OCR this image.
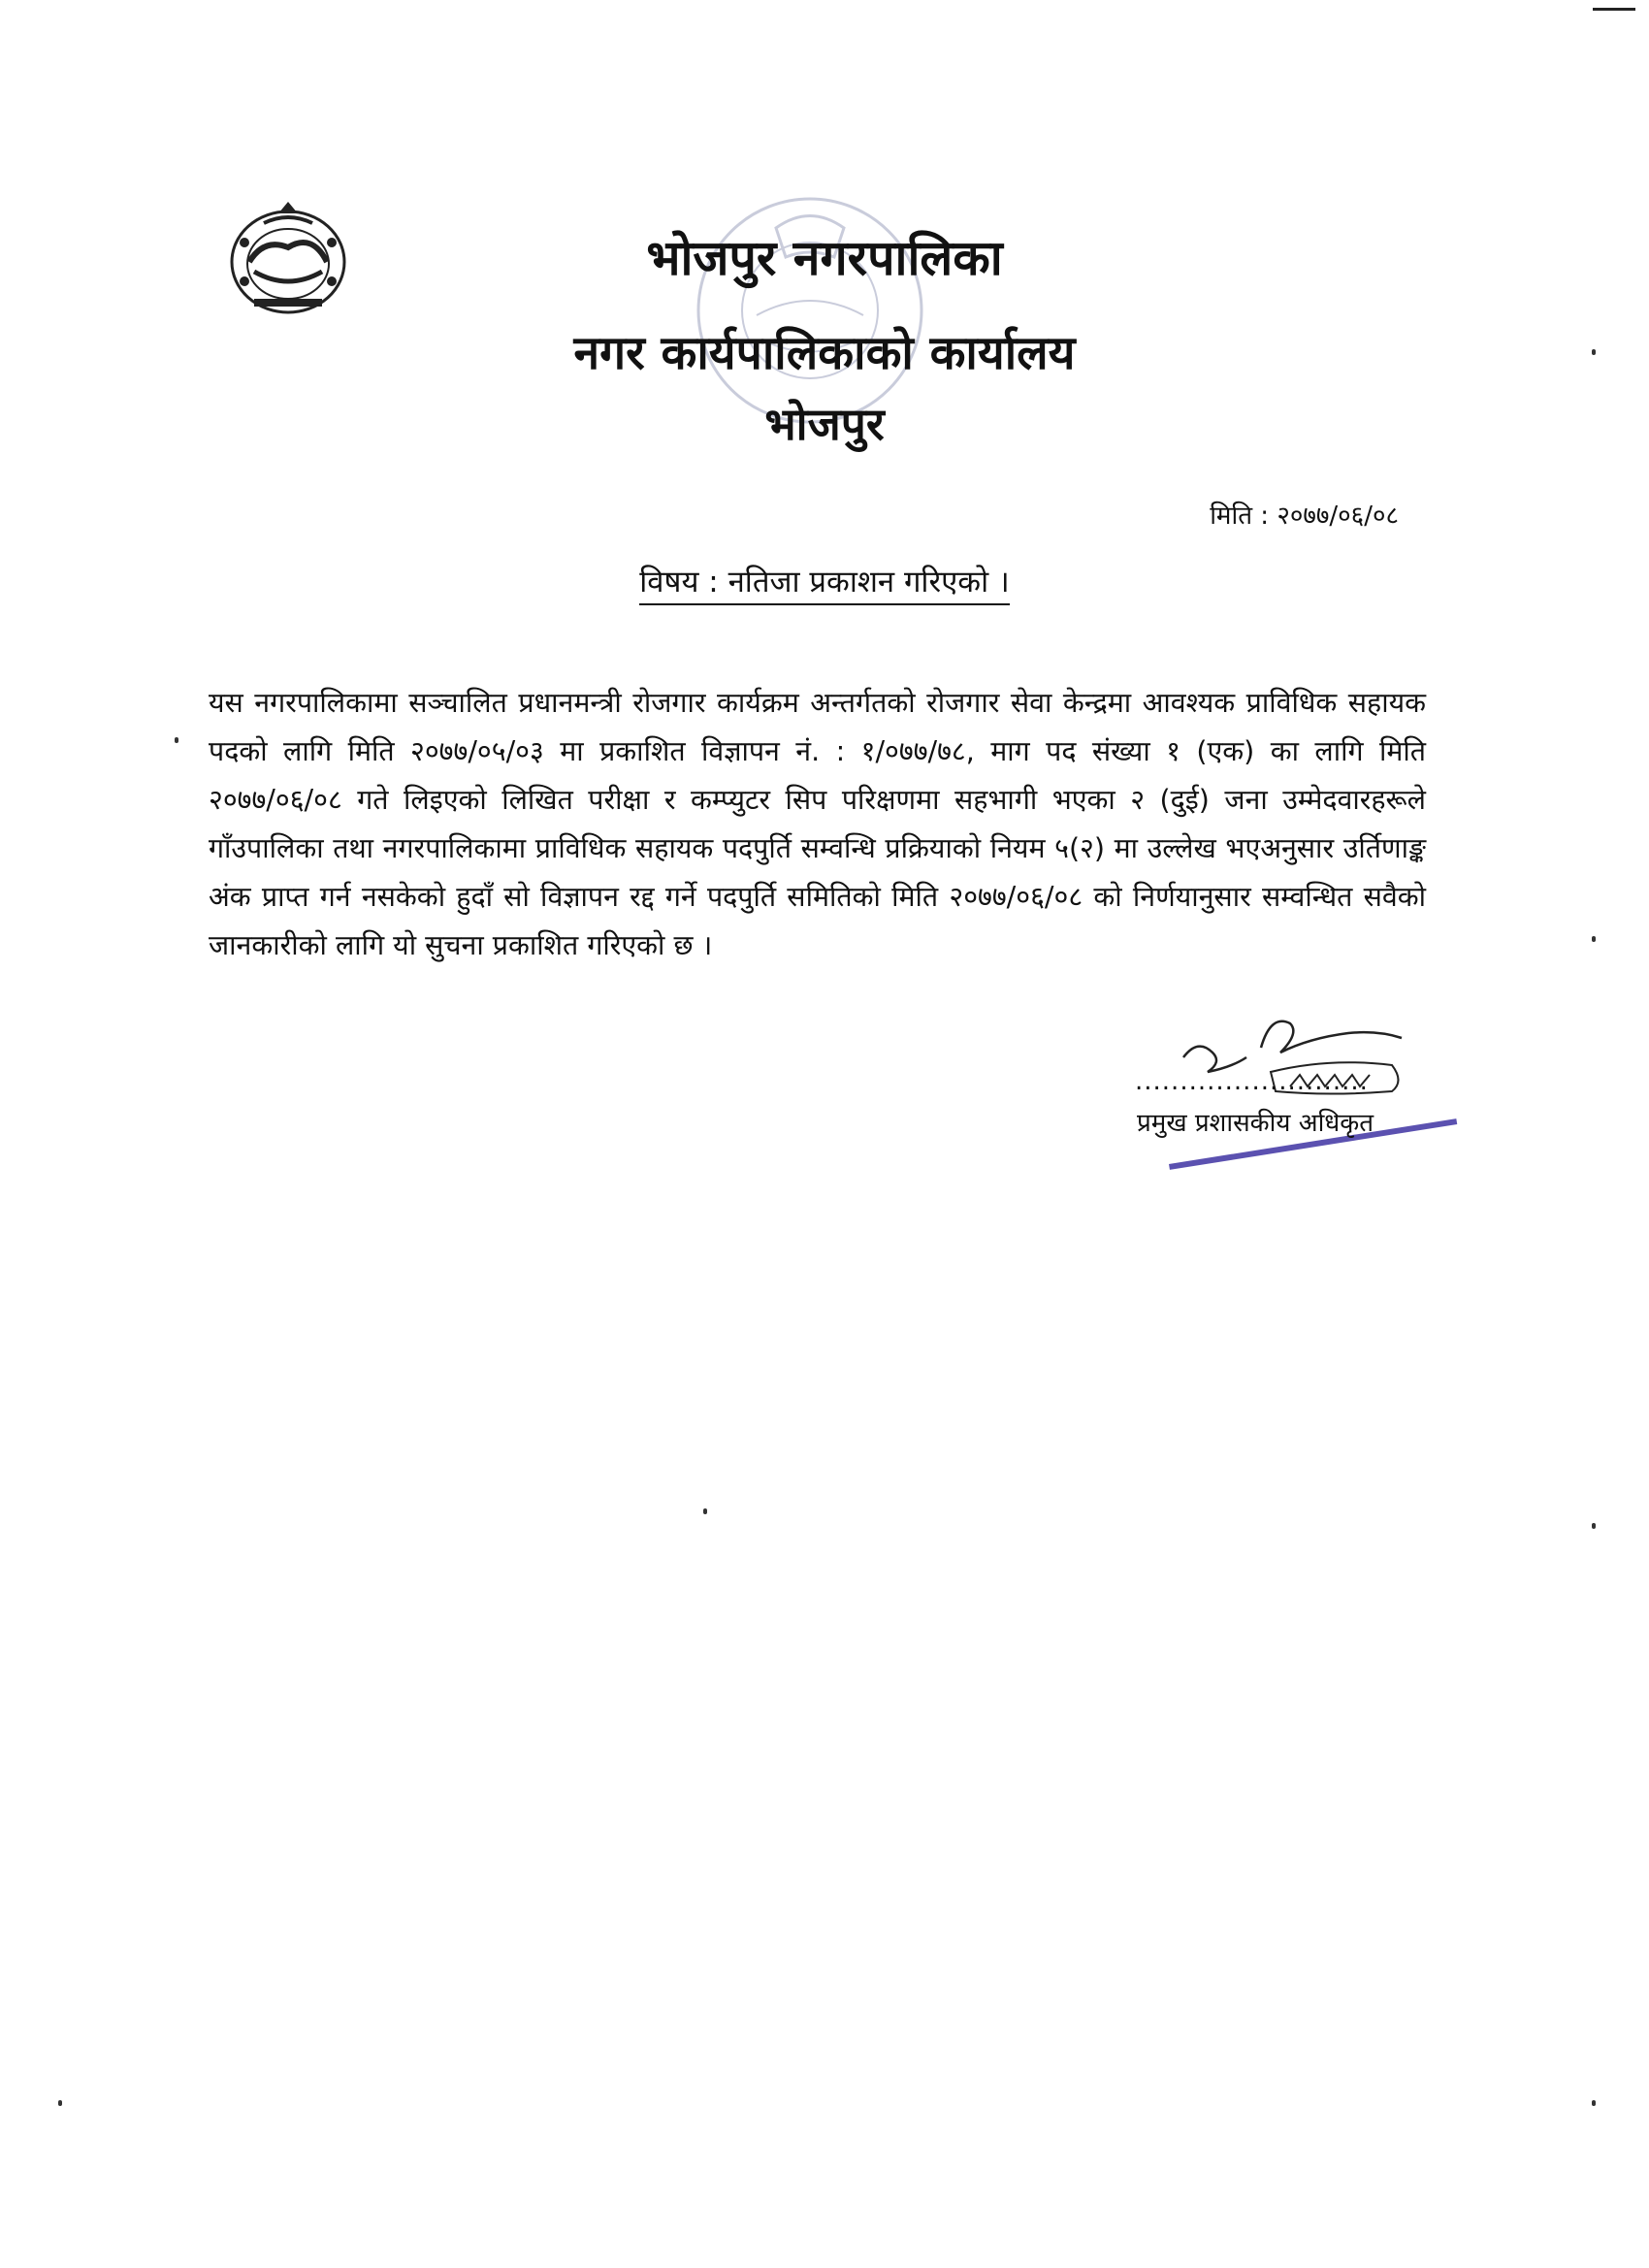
भोजपुर नगरपालिका
नगर कार्यपालिकाको कार्यालय
भोजपुर
मिति : २०७७/०६/०८
विषय : नतिजा प्रकाशन गरिएको ।
यस नगरपालिकामा सञ्चालित प्रधानमन्त्री रोजगार कार्यक्रम अन्तर्गतको रोजगार सेवा केन्द्रमा आवश्यक प्राविधिक सहायक पदको लागि मिति २०७७/०५/०३ मा प्रकाशित विज्ञापन नं. : १/०७७/७८, माग पद संख्या १ (एक) का लागि मिति २०७७/०६/०८ गते लिइएको लिखित परीक्षा र कम्प्युटर सिप परिक्षणमा सहभागी भएका २ (दुई) जना उम्मेदवारहरूले गाँउपालिका तथा नगरपालिकामा प्राविधिक सहायक पदपुर्ति सम्वन्धि प्रक्रियाको नियम ५(२) मा उल्लेख भएअनुसार उर्तिणाङ्क अंक प्राप्त गर्न नसकेको हुदाँ सो विज्ञापन रद्द गर्ने पदपुर्ति समितिको मिति २०७७/०६/०८ को निर्णयानुसार सम्वन्धित सवैको जानकारीको लागि यो सुचना प्रकाशित गरिएको छ ।
..........................
प्रमुख प्रशासकीय अधिकृत
